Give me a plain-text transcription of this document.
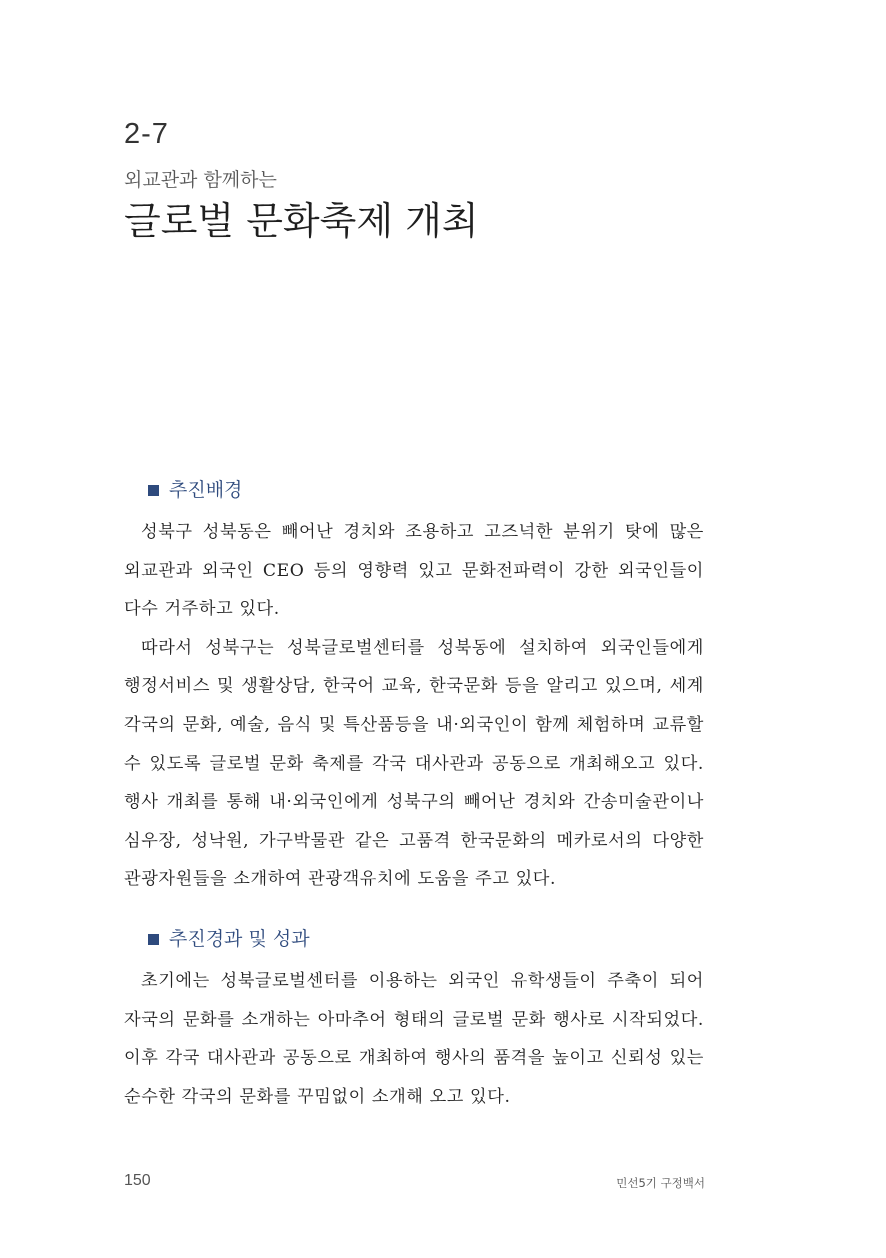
2-7

외교관과 함께하는

글로벌 문화축제 개최
추진배경

성북구 성북동은 빼어난 경치와 조용하고 고즈넉한 분위기 탓에 많은 외교관과 외국인 CEO 등의 영향력 있고 문화전파력이 강한 외국인들이 다수 거주하고 있다.

따라서 성북구는 성북글로벌센터를 성북동에 설치하여 외국인들에게 행정서비스 및 생활상담, 한국어 교육, 한국문화 등을 알리고 있으며, 세계 각국의 문화, 예술, 음식 및 특산품등을 내·외국인이 함께 체험하며 교류할 수 있도록 글로벌 문화 축제를 각국 대사관과 공동으로 개최해오고 있다. 행사 개최를 통해 내·외국인에게 성북구의 빼어난 경치와 간송미술관이나 심우장, 성낙원, 가구박물관 같은 고품격 한국문화의 메카로서의 다양한 관광자원들을 소개하여 관광객유치에 도움을 주고 있다.

추진경과 및 성과

초기에는 성북글로벌센터를 이용하는 외국인 유학생들이 주축이 되어 자국의 문화를 소개하는 아마추어 형태의 글로벌 문화 행사로 시작되었다. 이후 각국 대사관과 공동으로 개최하여 행사의 품격을 높이고 신뢰성 있는 순수한 각국의 문화를 꾸밈없이 소개해 오고 있다.

150	민선5기 구정백서
